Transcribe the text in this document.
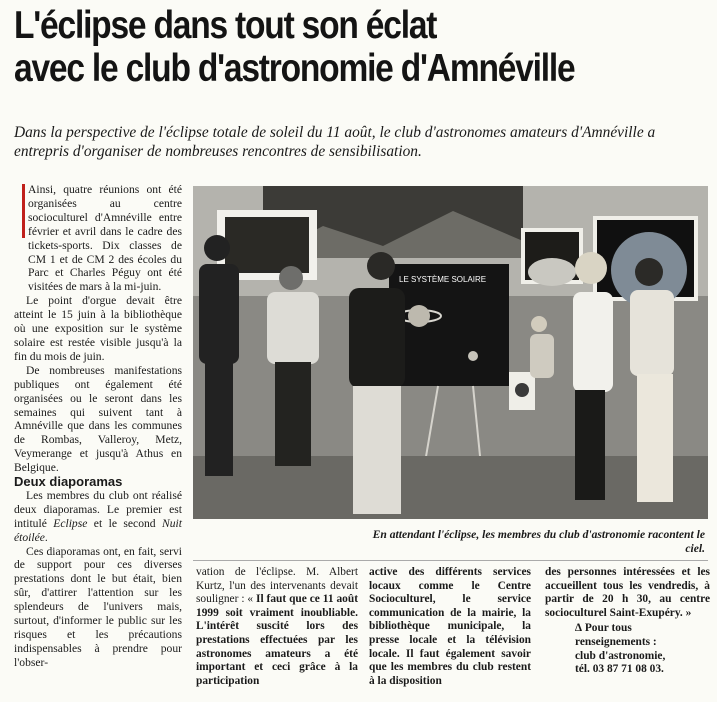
L'éclipse dans tout son éclat
avec le club d'astronomie d'Amnéville

Dans la perspective de l'éclipse totale de soleil du 11 août, le club d'astronomes amateurs d'Amnéville a entrepris d'organiser de nombreuses rencontres de sensibilisation.

Ainsi, quatre réunions ont été organisées au centre socioculturel d'Amnéville entre février et avril dans le cadre des tickets-sports. Dix classes de CM 1 et de CM 2 des écoles du Parc et Charles Péguy ont été visitées de mars à la mi-juin.

Le point d'orgue devait être atteint le 15 juin à la bibliothèque où une exposition sur le système solaire est restée visible jusqu'à la fin du mois de juin.

De nombreuses manifestations publiques ont également été organisées ou le seront dans les semaines qui suivent tant à Amnéville que dans les communes de Rombas, Valleroy, Metz, Veymerange et jusqu'à Athus en Belgique.

Deux diaporamas

Les membres du club ont réalisé deux diaporamas. Le premier est intitulé Eclipse et le second Nuit étoilée.

Ces diaporamas ont, en fait, servi de support pour ces diverses prestations dont le but était, bien sûr, d'attirer l'attention sur les splendeurs de l'univers mais, surtout, d'informer le public sur les risques et les précautions indispensables à prendre pour l'obser-

LE SYSTÈME SOLAIRE

En attendant l'éclipse, les membres du club d'astronomie racontent le ciel.

vation de l'éclipse. M. Albert Kurtz, l'un des intervenants devait souligner : « Il faut que ce 11 août 1999 soit vraiment inoubliable. L'intérêt suscité lors des prestations effectuées par les astronomes amateurs a été important et ceci grâce à la participation

active des différents services locaux comme le Centre Socioculturel, le service communication de la mairie, la bibliothèque municipale, la presse locale et la télévision locale. Il faut également savoir que les membres du club restent à la disposition

des personnes intéressées et les accueillent tous les vendredis, à partir de 20 h 30, au centre socioculturel Saint-Exupéry. »

∆ Pour tous
renseignements :
club d'astronomie,
tél. 03 87 71 08 03.
